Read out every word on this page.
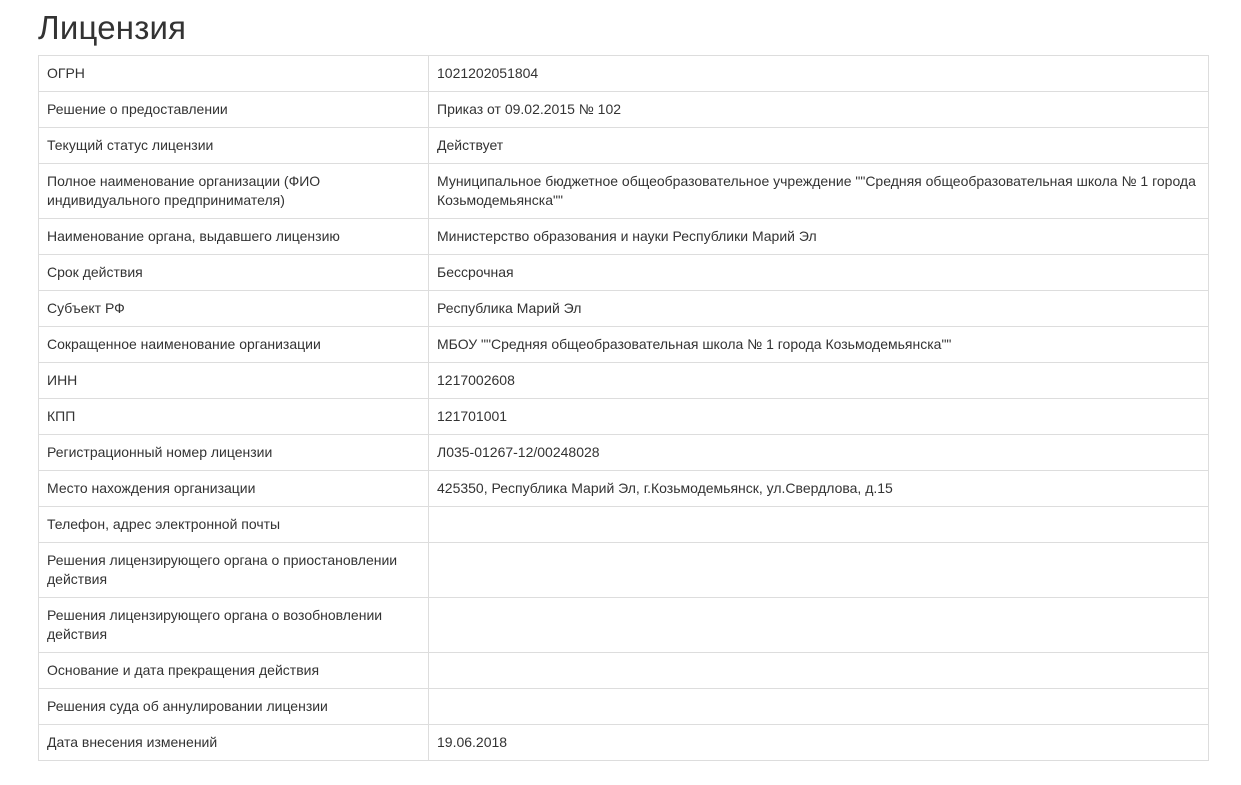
Лицензия
ОГРН	1021202051804
Решение о предоставлении	Приказ от 09.02.2015 № 102
Текущий статус лицензии	Действует
Полное наименование организации (ФИО индивидуального предпринимателя)	Муниципальное бюджетное общеобразовательное учреждение ""Средняя общеобразовательная школа № 1 города Козьмодемьянска""
Наименование органа, выдавшего лицензию	Министерство образования и науки Республики Марий Эл
Срок действия	Бессрочная
Субъект РФ	Республика Марий Эл
Сокращенное наименование организации	МБОУ ""Средняя общеобразовательная школа № 1 города Козьмодемьянска""
ИНН	1217002608
КПП	121701001
Регистрационный номер лицензии	Л035-01267-12/00248028
Место нахождения организации	425350, Республика Марий Эл, г.Козьмодемьянск, ул.Свердлова, д.15
Телефон, адрес электронной почты	
Решения лицензирующего органа о приостановлении действия	
Решения лицензирующего органа о возобновлении действия	
Основание и дата прекращения действия	
Решения суда об аннулировании лицензии	
Дата внесения изменений	19.06.2018
